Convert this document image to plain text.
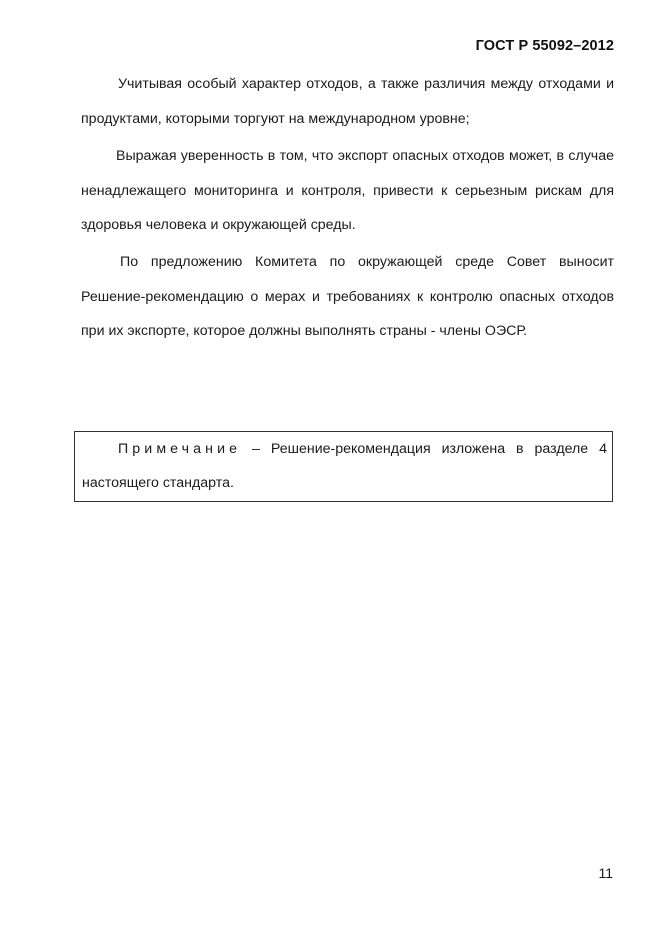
ГОСТ Р 55092–2012

Учитывая особый характер отходов, а также различия между отходами и продуктами, которыми торгуют на международном уровне;

Выражая уверенность в том, что экспорт опасных отходов может, в случае ненадлежащего мониторинга и контроля, привести к серьезным рискам для здоровья человека и окружающей среды.

По предложению Комитета по окружающей среде Совет выносит Решение-рекомендацию о мерах и требованиях к контролю опасных отходов при их экспорте, которое должны выполнять страны - члены ОЭСР.

Примечание – Решение-рекомендация изложена в разделе 4 настоящего стандарта.

11
